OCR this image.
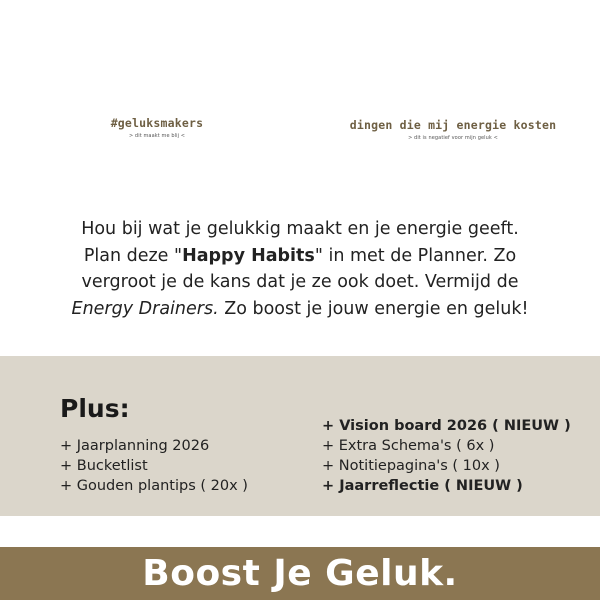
#geluksmakers
> dit maakt me blij <
dingen die mij energie kosten
> dit is negatief voor mijn geluk <
Hou bij wat je gelukkig maakt en je energie geeft. Plan deze "Happy Habits" in met de Planner. Zo vergroot je de kans dat je ze ook doet. Vermijd de Energy Drainers. Zo boost je jouw energie en geluk!
Plus:
+ Jaarplanning 2026
+ Bucketlist
+ Gouden plantips ( 20x )
+ Vision board 2026 ( NIEUW )
+ Extra Schema's ( 6x )
+ Notitiepagina's ( 10x )
+ Jaarreflectie ( NIEUW )
Boost Je Geluk.
